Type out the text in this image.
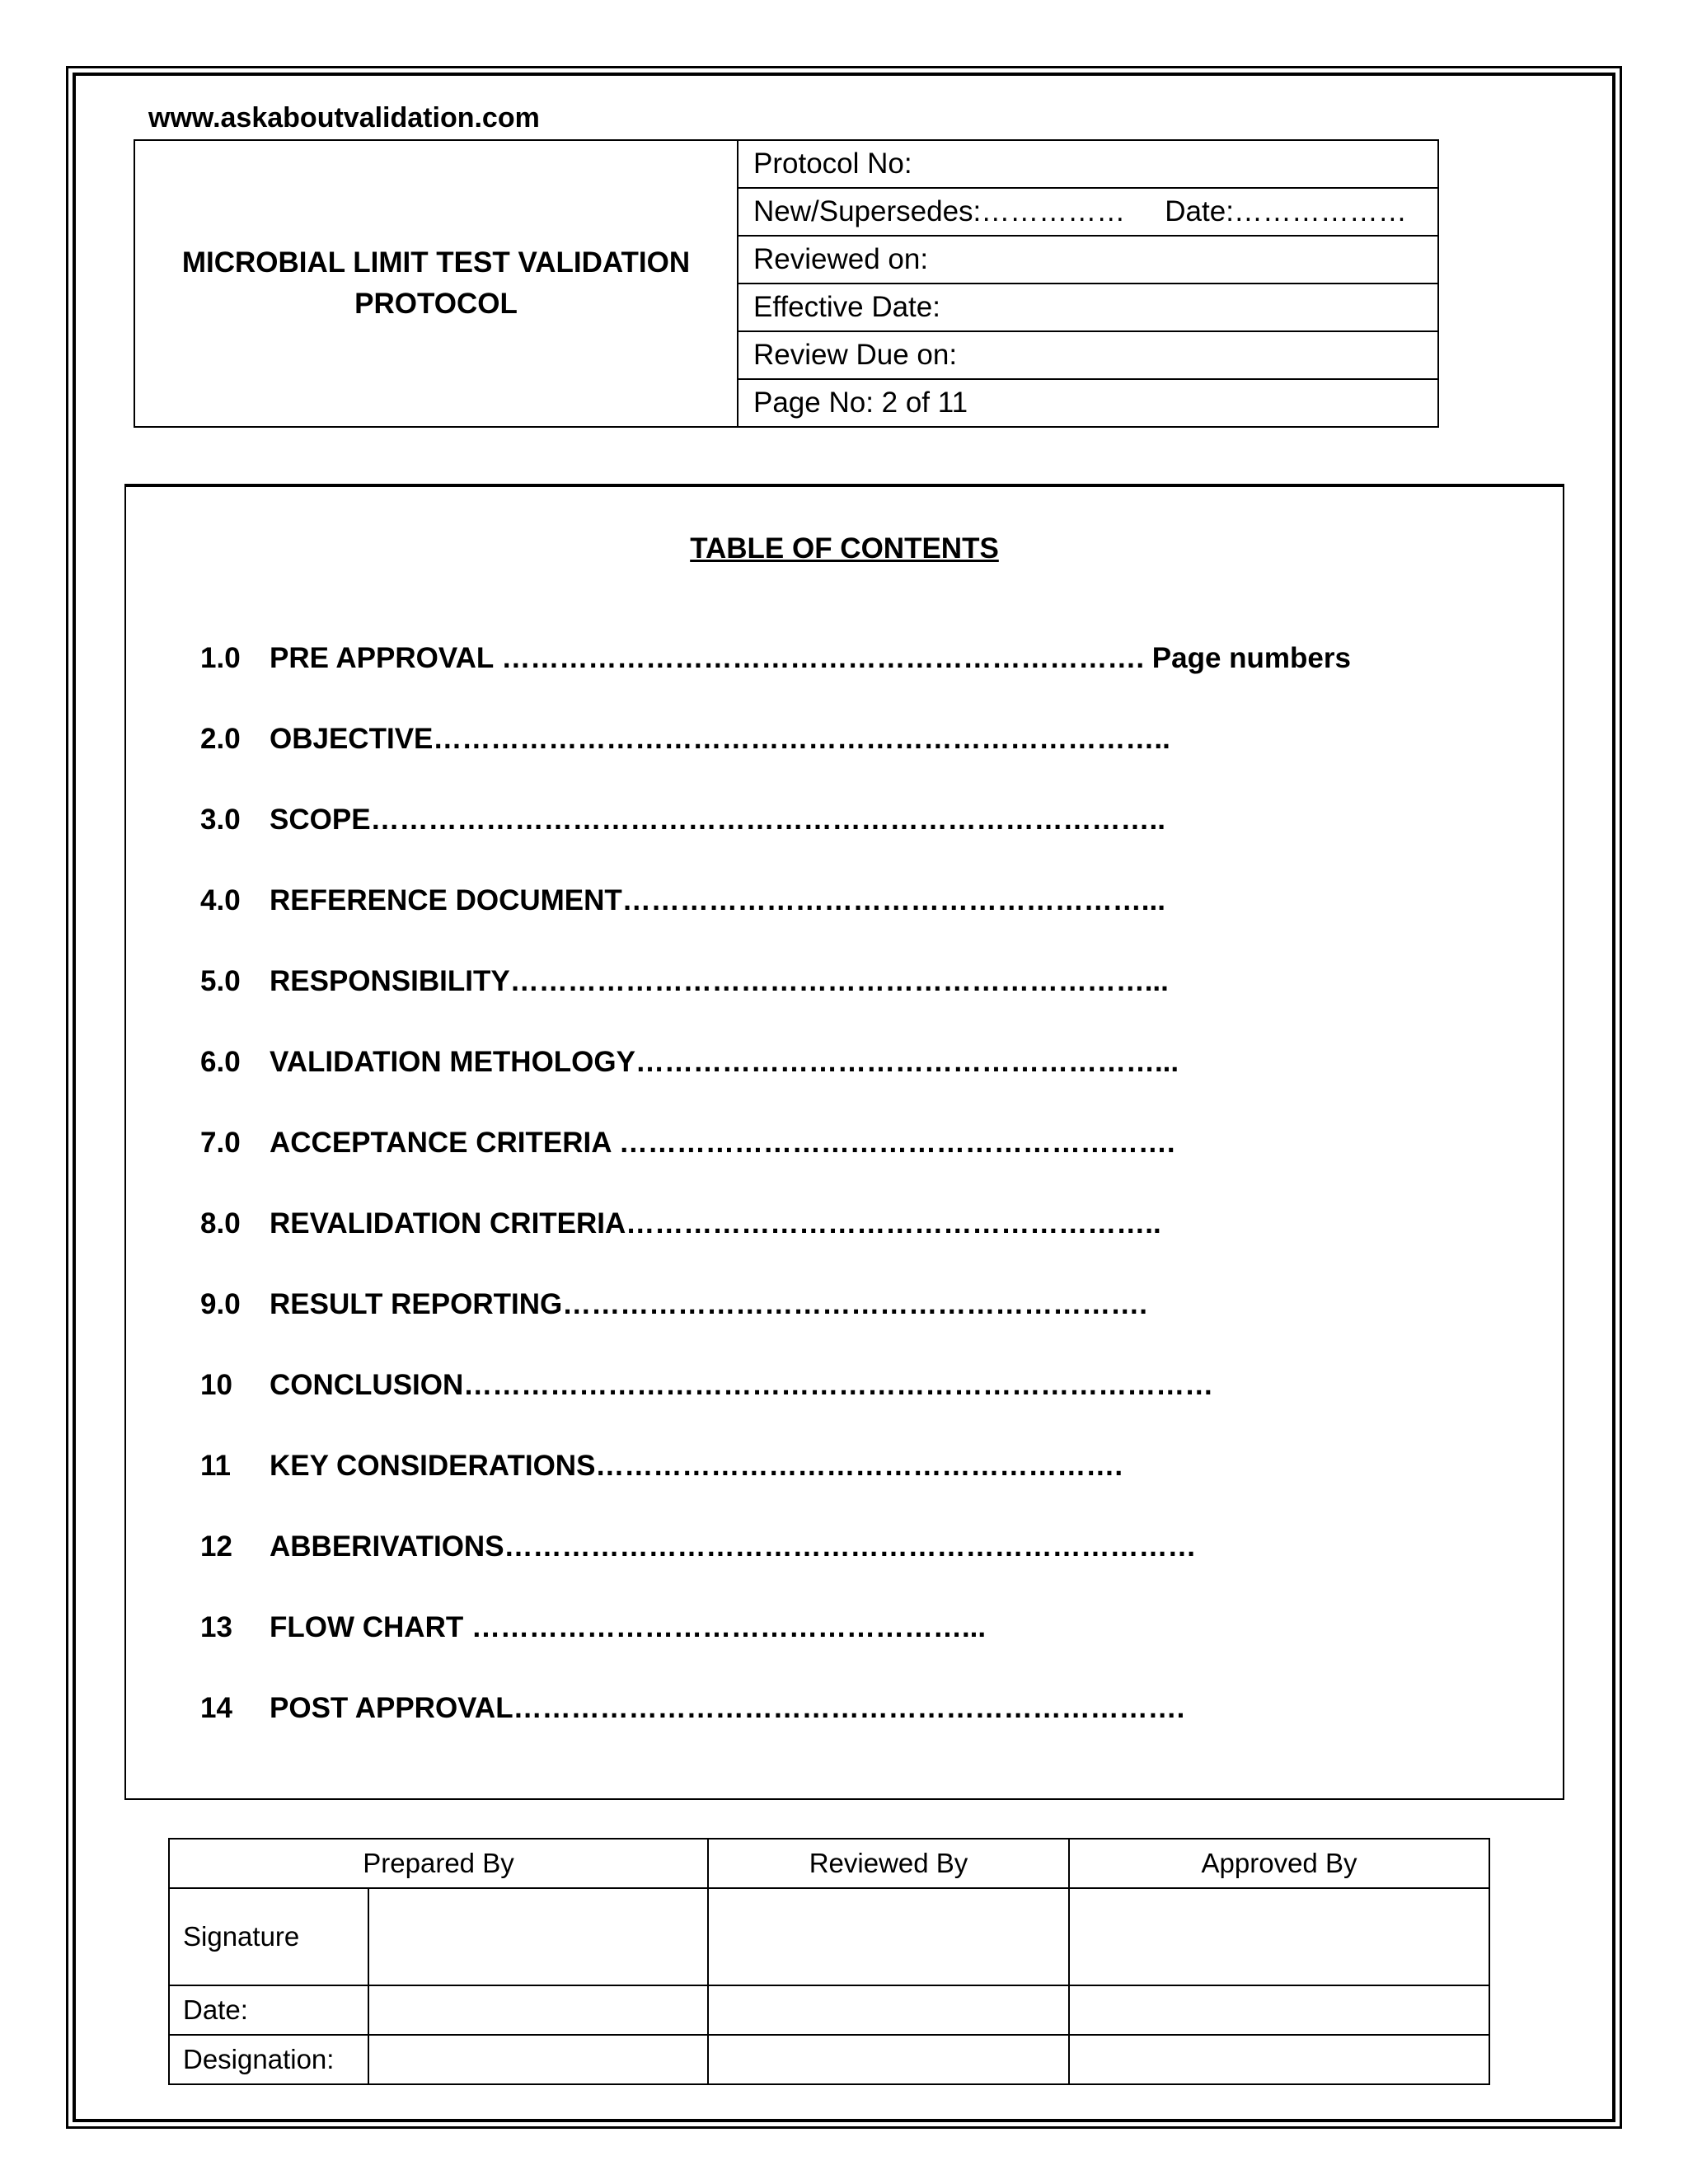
www.askaboutvalidation.com
MICROBIAL LIMIT TEST VALIDATION
PROTOCOL	Protocol No:
New/Supersedes:…………… Date:………………
Reviewed on:
Effective Date:
Review Due on:
Page No: 2 of 11
TABLE OF CONTENTS
1.0 PRE APPROVAL …………………………………………………………. Page numbers
2.0 OBJECTIVE…………………………………………………………………..
3.0 SCOPE………………………………………………………………………..
4.0 REFERENCE DOCUMENT………………………………………………...
5.0 RESPONSIBILITY…………………………………………………………...
6.0 VALIDATION METHOLOGY………………………………………………...
7.0 ACCEPTANCE CRITERIA ………………………………………………….
8.0 REVALIDATION CRITERIA………………………………………………..
9.0 RESULT REPORTING…………………………………………………….
10 CONCLUSION……………………………………………………………………
11 KEY CONSIDERATIONS……………………………………………….
12 ABBERIVATIONS………………………………………………………………
13 FLOW CHART ……………………………………………...
14 POST APPROVAL…………………………………………………………….
Prepared By		Reviewed By	Approved By
Signature			
Date:			
Designation:			
